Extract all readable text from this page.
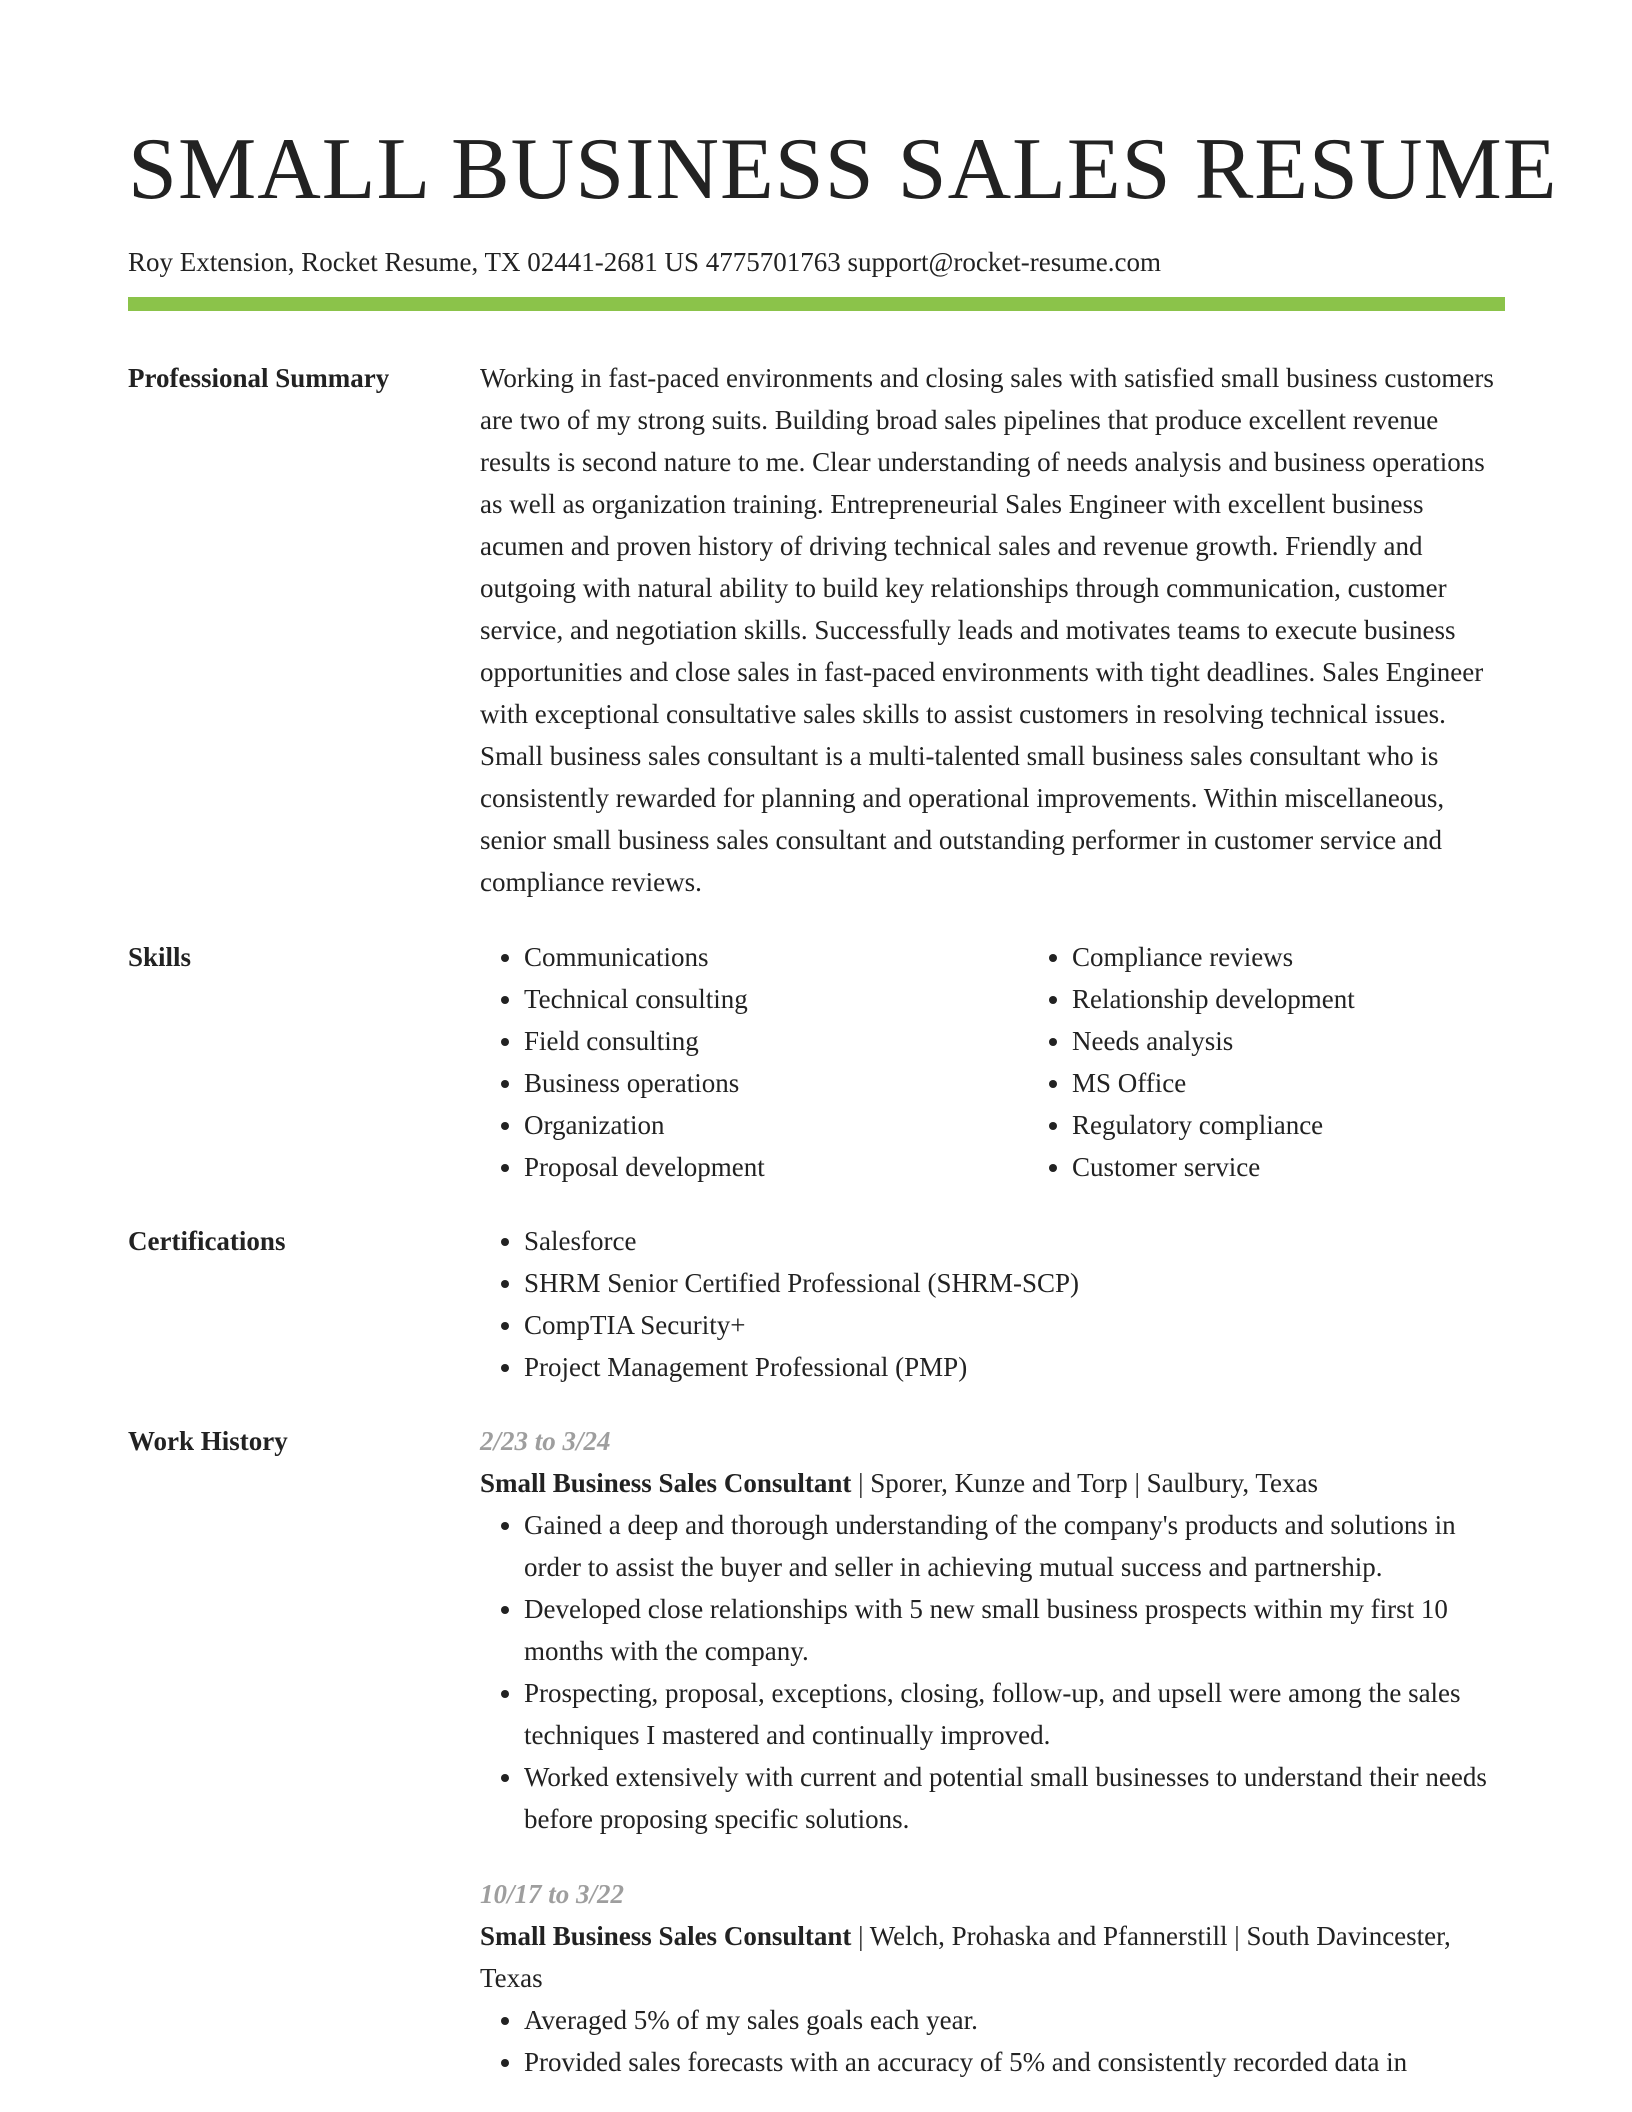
SMALL BUSINESS SALES RESUME
Roy Extension, Rocket Resume, TX 02441-2681 US 4775701763 support@rocket-resume.com
Professional Summary	Working in fast-paced environments and closing sales with satisfied small business customers are two of my strong suits. Building broad sales pipelines that produce excellent revenue results is second nature to me. Clear understanding of needs analysis and business operations as well as organization training. Entrepreneurial Sales Engineer with excellent business acumen and proven history of driving technical sales and revenue growth. Friendly and outgoing with natural ability to build key relationships through communication, customer service, and negotiation skills. Successfully leads and motivates teams to execute business opportunities and close sales in fast-paced environments with tight deadlines. Sales Engineer with exceptional consultative sales skills to assist customers in resolving technical issues. Small business sales consultant is a multi-talented small business sales consultant who is consistently rewarded for planning and operational improvements. Within miscellaneous, senior small business sales consultant and outstanding performer in customer service and compliance reviews.
Skills	• Communications
• Technical consulting
• Field consulting
• Business operations
• Organization
• Proposal development
• Compliance reviews
• Relationship development
• Needs analysis
• MS Office
• Regulatory compliance
• Customer service
Certifications	• Salesforce
• SHRM Senior Certified Professional (SHRM-SCP)
• CompTIA Security+
• Project Management Professional (PMP)
Work History	2/23 to 3/24
Small Business Sales Consultant | Sporer, Kunze and Torp | Saulbury, Texas
• Gained a deep and thorough understanding of the company's products and solutions in order to assist the buyer and seller in achieving mutual success and partnership.
• Developed close relationships with 5 new small business prospects within my first 10 months with the company.
• Prospecting, proposal, exceptions, closing, follow-up, and upsell were among the sales techniques I mastered and continually improved.
• Worked extensively with current and potential small businesses to understand their needs before proposing specific solutions.
10/17 to 3/22
Small Business Sales Consultant | Welch, Prohaska and Pfannerstill | South Davincester, Texas
• Averaged 5% of my sales goals each year.
• Provided sales forecasts with an accuracy of 5% and consistently recorded data in
